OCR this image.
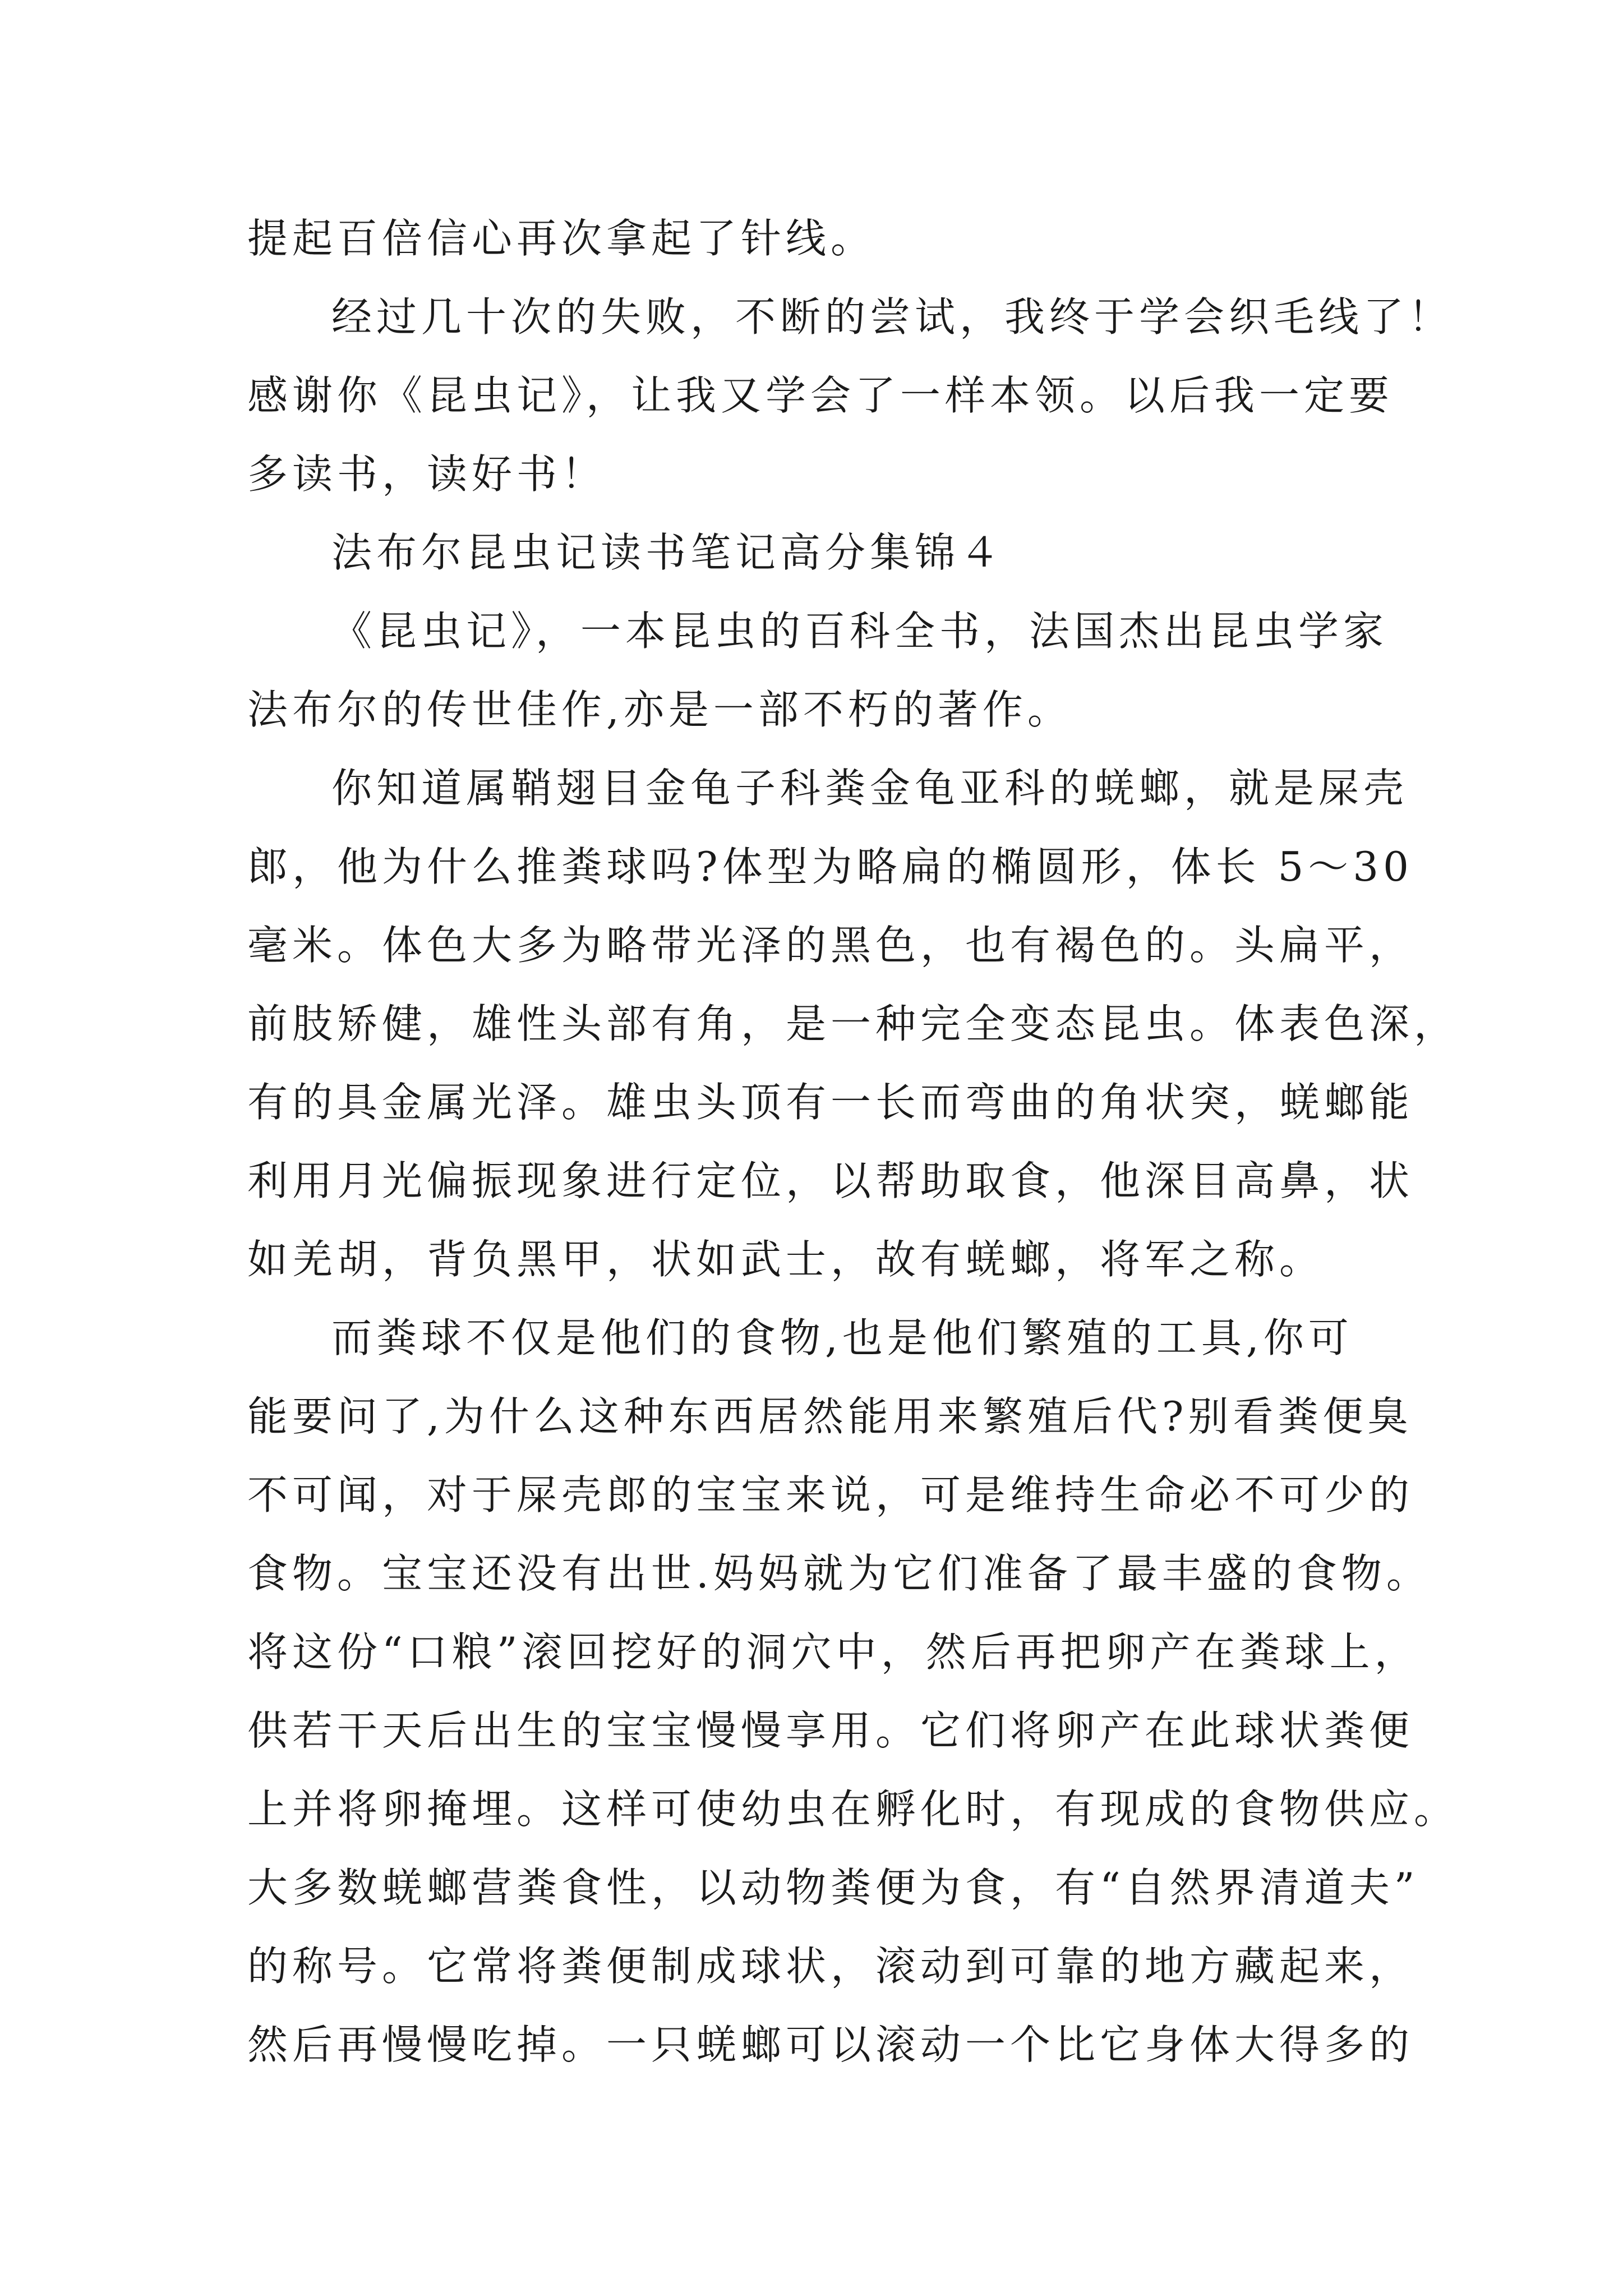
提起百倍信心再次拿起了针线。
经过几十次的失败，不断的尝试，我终于学会织毛线了！
感谢你《昆虫记》，让我又学会了一样本领。以后我一定要
多读书，读好书！
法布尔昆虫记读书笔记高分集锦４
《昆虫记》，一本昆虫的百科全书，法国杰出昆虫学家
法布尔的传世佳作,亦是一部不朽的著作。
你知道属鞘翅目金龟子科粪金龟亚科的蜣螂，就是屎壳
郎，他为什么推粪球吗?体型为略扁的椭圆形，体长 5～30
毫米。体色大多为略带光泽的黑色，也有褐色的。头扁平，
前肢矫健，雄性头部有角，是一种完全变态昆虫。体表色深，
有的具金属光泽。雄虫头顶有一长而弯曲的角状突，蜣螂能
利用月光偏振现象进行定位，以帮助取食，他深目高鼻，状
如羌胡，背负黑甲，状如武士，故有蜣螂，将军之称。
而粪球不仅是他们的食物,也是他们繁殖的工具,你可
能要问了,为什么这种东西居然能用来繁殖后代?别看粪便臭
不可闻，对于屎壳郎的宝宝来说，可是维持生命必不可少的
食物。宝宝还没有出世.妈妈就为它们准备了最丰盛的食物。
将这份“口粮”滚回挖好的洞穴中，然后再把卵产在粪球上，
供若干天后出生的宝宝慢慢享用。它们将卵产在此球状粪便
上并将卵掩埋。这样可使幼虫在孵化时，有现成的食物供应。
大多数蜣螂营粪食性，以动物粪便为食，有“自然界清道夫”
的称号。它常将粪便制成球状，滚动到可靠的地方藏起来，
然后再慢慢吃掉。一只蜣螂可以滚动一个比它身体大得多的
